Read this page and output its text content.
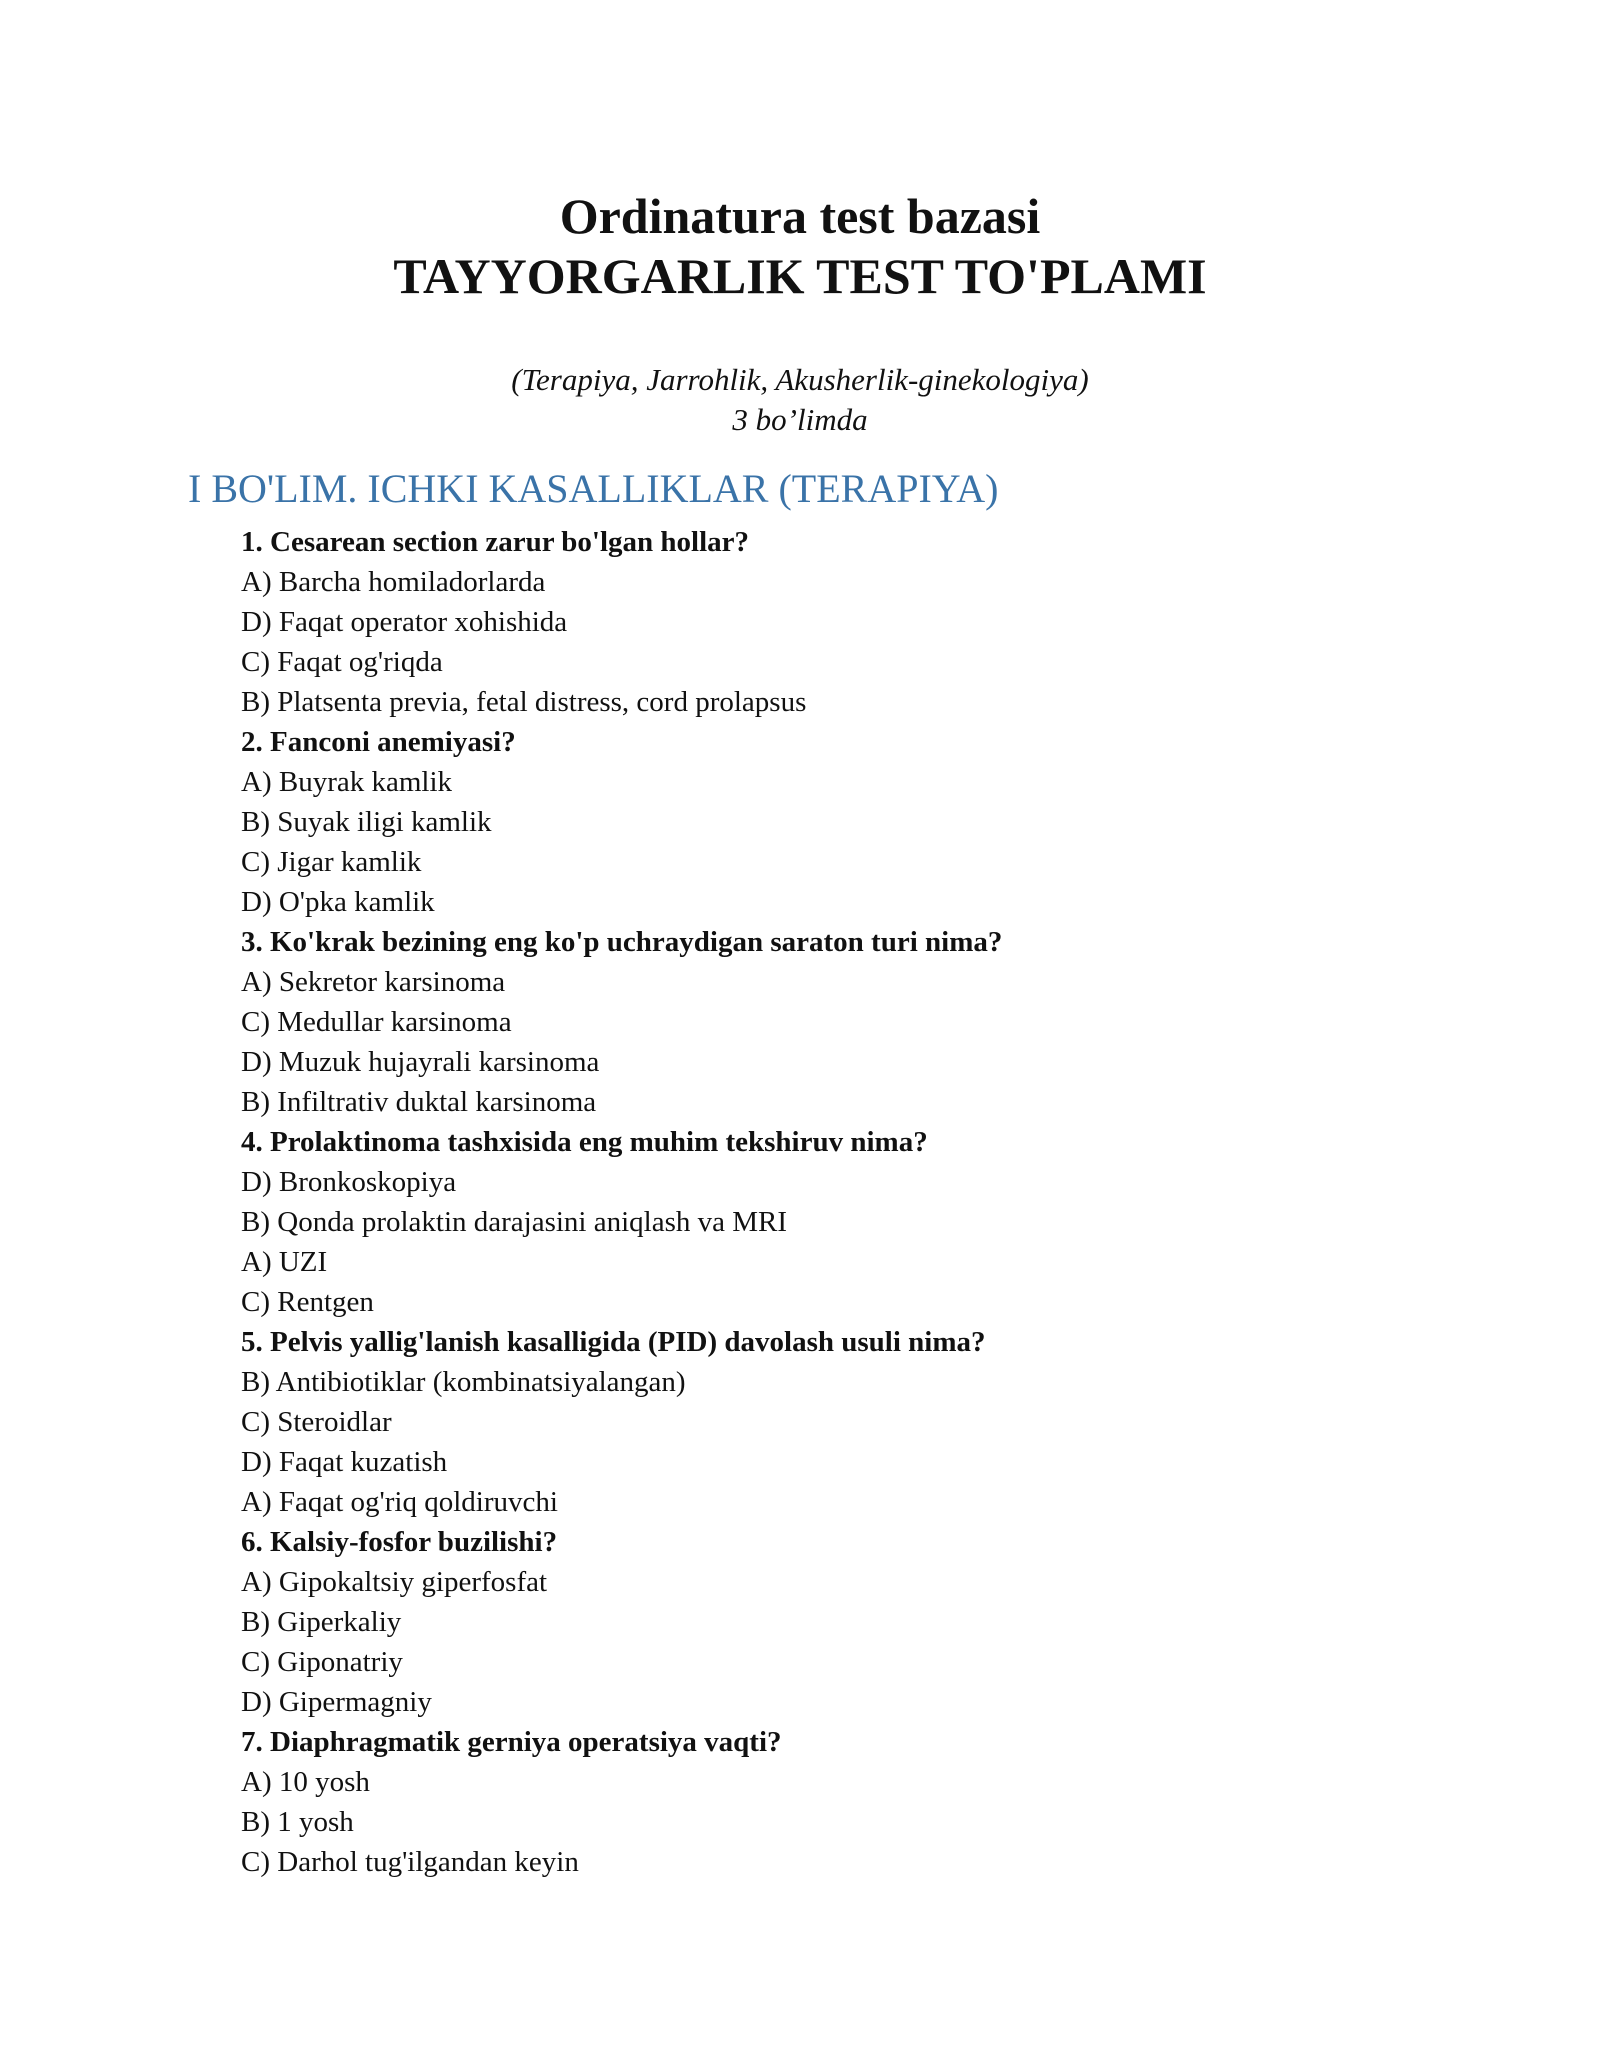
Ordinatura test bazasi

TAYYORGARLIK TEST TO'PLAMI

(Terapiya, Jarrohlik, Akusherlik-ginekologiya)
3 bo’limda
I BO'LIM. ICHKI KASALLIKLAR (TERAPIYA)
1. Cesarean section zarur bo'lgan hollar?
A) Barcha homiladorlarda
D) Faqat operator xohishida
C) Faqat og'riqda
B) Platsenta previa, fetal distress, cord prolapsus
2. Fanconi anemiyasi?
A) Buyrak kamlik
B) Suyak iligi kamlik
C) Jigar kamlik
D) O'pka kamlik
3. Ko'krak bezining eng ko'p uchraydigan saraton turi nima?
A) Sekretor karsinoma
C) Medullar karsinoma
D) Muzuk hujayrali karsinoma
B) Infiltrativ duktal karsinoma
4. Prolaktinoma tashxisida eng muhim tekshiruv nima?
D) Bronkoskopiya
B) Qonda prolaktin darajasini aniqlash va MRI
A) UZI
C) Rentgen
5. Pelvis yallig'lanish kasalligida (PID) davolash usuli nima?
B) Antibiotiklar (kombinatsiyalangan)
C) Steroidlar
D) Faqat kuzatish
A) Faqat og'riq qoldiruvchi
6. Kalsiy-fosfor buzilishi?
A) Gipokaltsiy giperfosfat
B) Giperkaliy
C) Giponatriy
D) Gipermagniy
7. Diaphragmatik gerniya operatsiya vaqti?
A) 10 yosh
B) 1 yosh
C) Darhol tug'ilgandan keyin
